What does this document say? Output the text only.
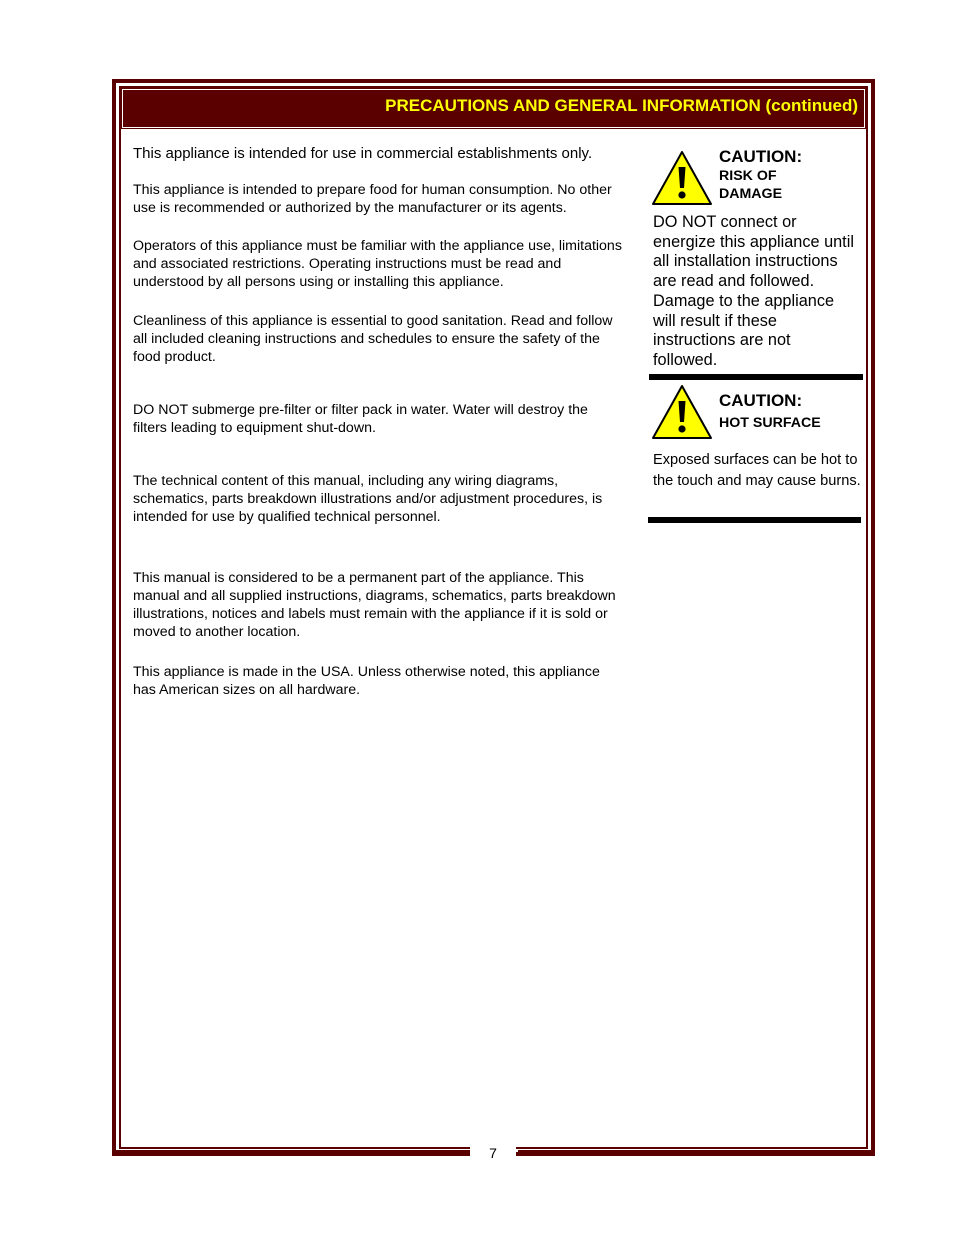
PRECAUTIONS AND GENERAL INFORMATION (continued)

This appliance is intended for use in commercial establishments only.

This appliance is intended to prepare food for human consumption. No other use is recommended or authorized by the manufacturer or its agents.

Operators of this appliance must be familiar with the appliance use, limitations and associated restrictions. Operating instructions must be read and understood by all persons using or installing this appliance.

Cleanliness of this appliance is essential to good sanitation. Read and follow all included cleaning instructions and schedules to ensure the safety of the food product.

DO NOT submerge pre-filter or filter pack in water. Water will destroy the filters leading to equipment shut-down.

The technical content of this manual, including any wiring diagrams, schematics, parts breakdown illustrations and/or adjustment procedures, is intended for use by qualified technical personnel.

This manual is considered to be a permanent part of the appliance. This manual and all supplied instructions, diagrams, schematics, parts breakdown illustrations, notices and labels must remain with the appliance if it is sold or moved to another location.

This appliance is made in the USA. Unless otherwise noted, this appliance has American sizes on all hardware.

CAUTION:
RISK OF DAMAGE

DO NOT connect or energize this appliance until all installation instructions are read and followed. Damage to the appliance will result if these instructions are not followed.

CAUTION:
HOT SURFACE

Exposed surfaces can be hot to the touch and may cause burns.

7
